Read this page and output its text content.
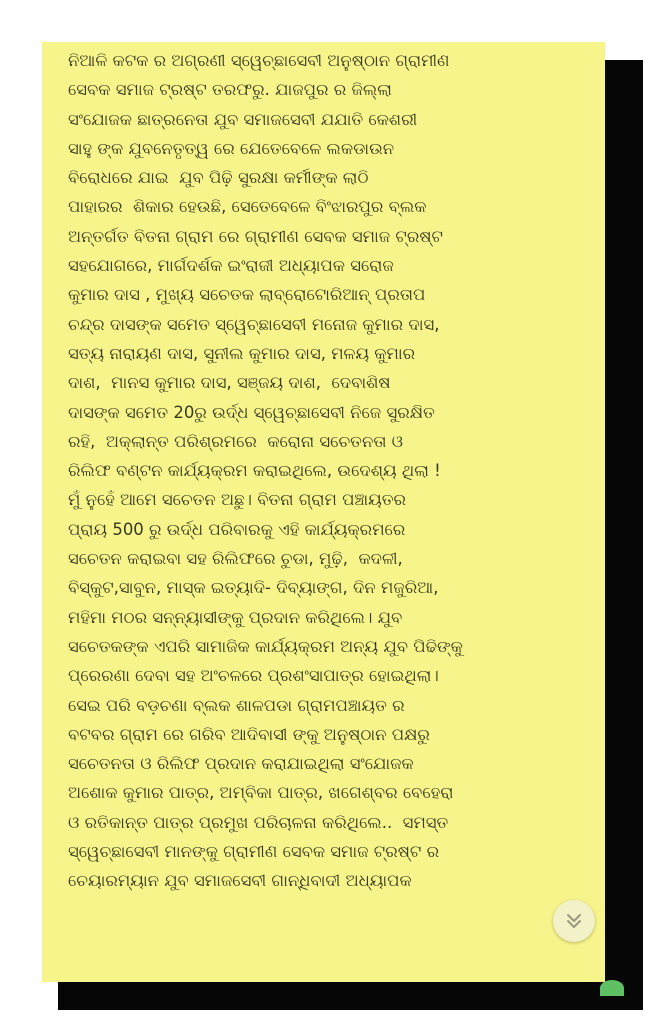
ନିଆଳି କଟକ ର ଅଗ୍ରଣୀ ସ୍ୱେଚ୍ଛାସେବୀ ଅନୁଷ୍ଠାନ ଗ୍ରାମୀଣ
ସେବକ ସମାଜ ଟ୍ରଷ୍ଟ ତରଫରୁ. ଯାଜପୁର ର ଜିଲ୍ଲା
ସଂଯୋଜକ ଛାତ୍ରନେତା ଯୁବ ସମାଜସେବୀ ଯଯାତି କେଶରୀ
ସାହୁ ଙ୍କ ଯୁବନେତୃତ୍ୱ ରେ ଯେତେବେଳେ ଲକଡାଉନ
ବିରୋଧରେ ଯାଇ  ଯୁବ ପିଢ଼ି ସୁରକ୍ଷା କର୍ମୀଙ୍କ ଲାଠି
ପାହାରର  ଶିକାର ହେଉଛି, ସେତେବେଳେ ବିଂଝାରପୁର ବ୍ଲକ
ଅନ୍ତର୍ଗତ ବିତନା ଗ୍ରାମ ରେ ଗ୍ରାମୀଣ ସେବକ ସମାଜ ଟ୍ରଷ୍ଟ
ସହଯୋଗରେ, ମାର୍ଗଦର୍ଶକ ଇଂରାଜୀ ଅଧ୍ୟାପକ ସରୋଜ
କୁମାର ଦାସ , ମୁଖ୍ୟ ସଚେତକ ଲାବ୍ରୋଟୋରିଆନ୍ ପ୍ରତାପ
ଚନ୍ଦ୍ର ଦାସଙ୍କ ସମେତ ସ୍ୱେଚ୍ଛାସେବୀ ମନୋଜ କୁମାର ଦାସ,
ସତ୍ୟ ନାରାୟଣ ଦାସ, ସୁନୀଲ କୁମାର ଦାସ, ମଳୟ କୁମାର
ଦାଶ,  ମାନସ କୁମାର ଦାସ, ସଞ୍ଜୟ ଦାଶ,  ଦେବାଶିଷ
ଦାସଙ୍କ ସମେତ 20ରୁ ଉର୍ଦ୍ଧ ସ୍ୱେଚ୍ଛାସେବୀ ନିଜେ ସୁରକ୍ଷିତ
ରହି,  ଅକ୍ଲାନ୍ତ ପରିଶ୍ରମରେ  କରୋନା ସଚେତନତା ଓ
ରିଲିଫ ବଣ୍ଟନ କାର୍ଯ୍ୟକ୍ରମ କରାଇଥିଲେ, ଉଦେଶ୍ୟ ଥିଲା !
ମୁଁ ନୁହେଁ ଆମେ ସଚେତନ ଅଛୁ। ବିତନା ଗ୍ରାମ ପଞ୍ଚାୟତର
ପ୍ରାୟ 500 ରୁ ଉର୍ଦ୍ଧ ପରିବାରକୁ ଏହି କାର୍ଯ୍ୟକ୍ରମରେ
ସଚେତନ କରାଇବା ସହ ରିଲିଫରେ ଚୁଡା, ମୁଢ଼ି,  କଦଳୀ,
ବିସ୍କୁଟ,ସାବୁନ, ମାସ୍କ ଇତ୍ୟାଦି- ଦିବ୍ୟାଙ୍ଗ, ଦିନ ମଜୁରିଆ,
ମହିମା ମଠର ସନ୍ନ୍ୟାସୀଙ୍କୁ ପ୍ରଦାନ କରିଥିଲେ। ଯୁବ
ସଚେତକଙ୍କ ଏପରି ସାମାଜିକ କାର୍ଯ୍ୟକ୍ରମ ଅନ୍ୟ ଯୁବ ପିଢିଙ୍କୁ
ପ୍ରେରଣା ଦେବା ସହ ଅଂଚଳରେ ପ୍ରଶଂସାପାତ୍ର ହୋଇଥିଲା।
ସେଇ ପରି ବଡ଼ଚଣା ବ୍ଲକ ଶାଳପଡା ଗ୍ରାମପଞ୍ଚାୟତ ର
ବଟବର ଗ୍ରାମ ରେ ଗରିବ ଆଦିବାସୀ ଙ୍କୁ ଅନୁଷ୍ଠାନ ପକ୍ଷରୁ
ସଚେତନତା ଓ ରିଲିଫ ପ୍ରଦାନ କରାଯାଇଥିଲା ସଂଯୋଜକ
ଅଶୋକ କୁମାର ପାତ୍ର, ଅମ୍ବିକା ପାତ୍ର, ଖଗେଶ୍ବର ବେହେରା
ଓ ରତିକାନ୍ତ ପାତ୍ର ପ୍ରମୁଖ ପରିଚାଳନା କରିଥିଲେ..  ସମସ୍ତ
ସ୍ୱେଚ୍ଛାସେବୀ ମାନଙ୍କୁ ଗ୍ରାମୀଣ ସେବକ ସମାଜ ଟ୍ରଷ୍ଟ ର
ଚେୟାରମ୍ୟାନ ଯୁବ ସମାଜସେବୀ ଗାନ୍ଧିବାଦୀ ଅଧ୍ୟାପକ
